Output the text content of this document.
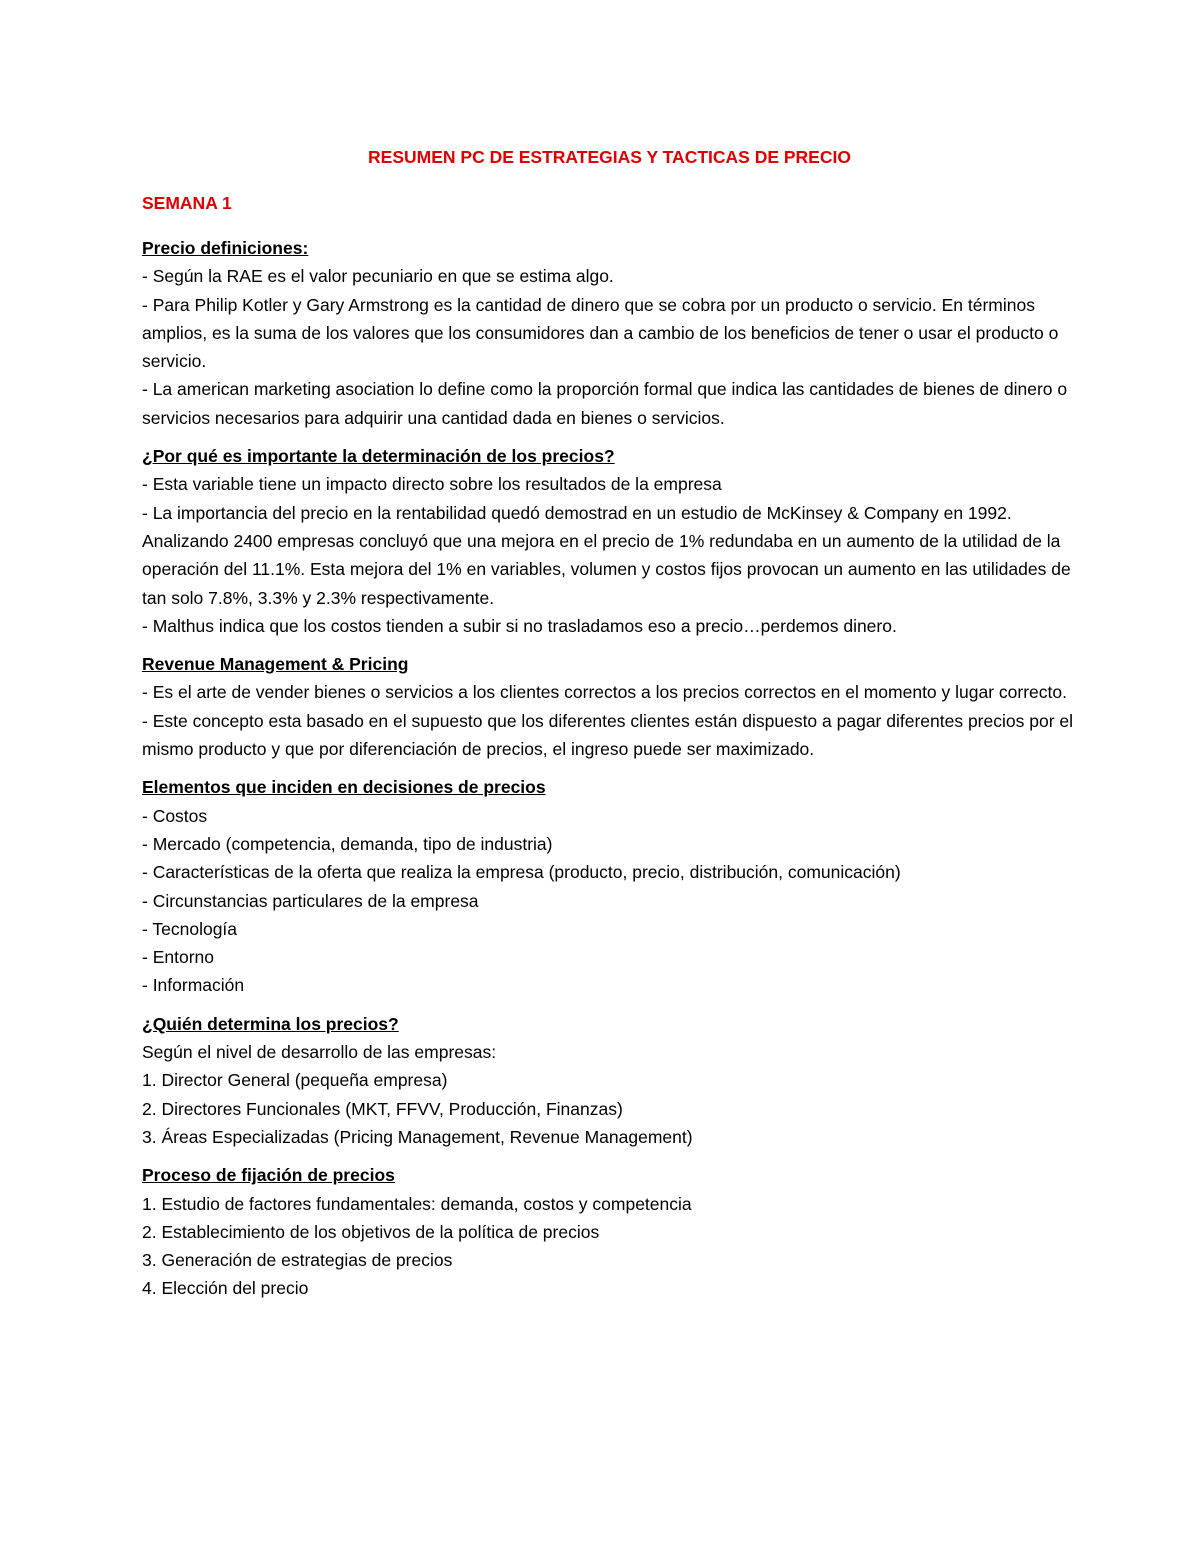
RESUMEN PC DE ESTRATEGIAS Y TACTICAS DE PRECIO

SEMANA 1

Precio definiciones:

- Según la RAE es el valor pecuniario en que se estima algo.

- Para Philip Kotler y Gary Armstrong es la cantidad de dinero que se cobra por un producto o servicio. En términos amplios, es la suma de los valores que los consumidores dan a cambio de los beneficios de tener o usar el producto o servicio.

- La american marketing asociation lo define como la proporción formal que indica las cantidades de bienes de dinero o servicios necesarios para adquirir una cantidad dada en bienes o servicios.

¿Por qué es importante la determinación de los precios?

- Esta variable tiene un impacto directo sobre los resultados de la empresa

- La importancia del precio en la rentabilidad quedó demostrad en un estudio de McKinsey & Company en 1992. Analizando 2400 empresas concluyó que una mejora en el precio de 1% redundaba en un aumento de la utilidad de la operación del 11.1%. Esta mejora del 1% en variables, volumen y costos fijos provocan un aumento en las utilidades de tan solo 7.8%, 3.3% y 2.3% respectivamente.

- Malthus indica que los costos tienden a subir si no trasladamos eso a precio…perdemos dinero.

Revenue Management & Pricing

- Es el arte de vender bienes o servicios a los clientes correctos a los precios correctos en el momento y lugar correcto.

- Este concepto esta basado en el supuesto que los diferentes clientes están dispuesto a pagar diferentes precios por el mismo producto y que por diferenciación de precios, el ingreso puede ser maximizado.

Elementos que inciden en decisiones de precios

- Costos
- Mercado (competencia, demanda, tipo de industria)
- Características de la oferta que realiza la empresa (producto, precio, distribución, comunicación)
- Circunstancias particulares de la empresa
- Tecnología
- Entorno
- Información

¿Quién determina los precios?

Según el nivel de desarrollo de las empresas:

1. Director General (pequeña empresa)
2. Directores Funcionales (MKT, FFVV, Producción, Finanzas)
3. Áreas Especializadas (Pricing Management, Revenue Management)

Proceso de fijación de precios

1. Estudio de factores fundamentales: demanda, costos y competencia
2. Establecimiento de los objetivos de la política de precios
3. Generación de estrategias de precios
4. Elección del precio
